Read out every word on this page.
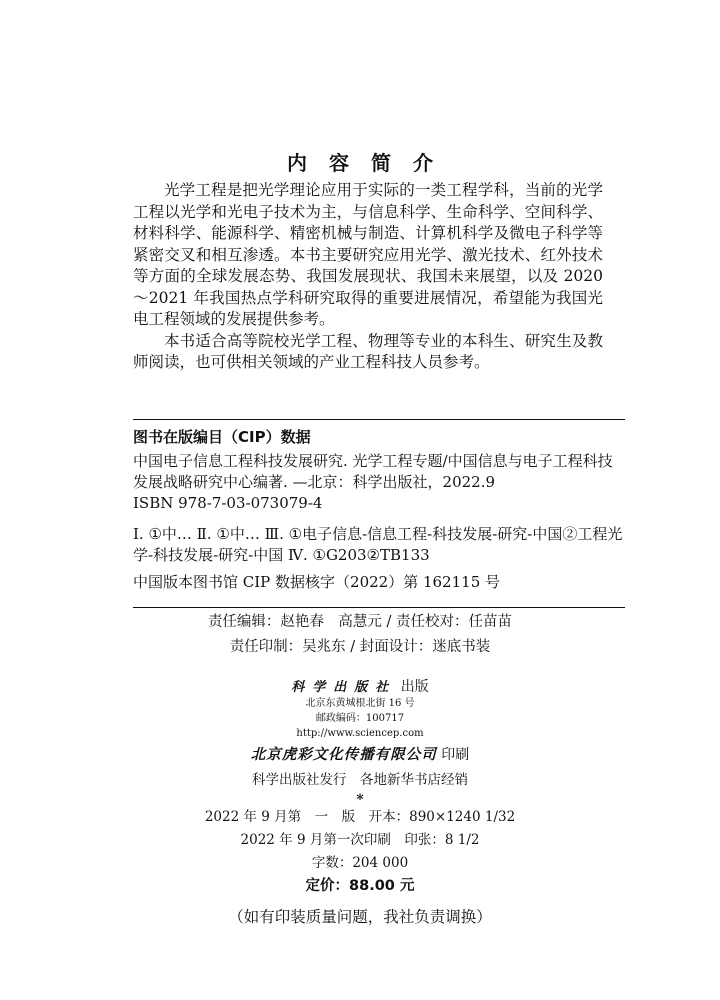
内容简介

光学工程是把光学理论应用于实际的一类工程学科，当前的光学工程以光学和光电子技术为主，与信息科学、生命科学、空间科学、材料科学、能源科学、精密机械与制造、计算机科学及微电子科学等紧密交叉和相互渗透。本书主要研究应用光学、激光技术、红外技术等方面的全球发展态势、我国发展现状、我国未来展望，以及 2020～2021 年我国热点学科研究取得的重要进展情况，希望能为我国光电工程领域的发展提供参考。

本书适合高等院校光学工程、物理等专业的本科生、研究生及教师阅读，也可供相关领域的产业工程科技人员参考。

图书在版编目（CIP）数据
中国电子信息工程科技发展研究. 光学工程专题/中国信息与电子工程科技发展战略研究中心编著. —北京：科学出版社，2022.9
ISBN 978-7-03-073079-4
Ⅰ. ①中… Ⅱ. ①中… Ⅲ. ①电子信息-信息工程-科技发展-研究-中国②工程光学-科技发展-研究-中国 Ⅳ. ①G203②TB133
中国版本图书馆 CIP 数据核字（2022）第 162115 号
责任编辑：赵艳春　高慧元 / 责任校对：任苗苗
责任印制：吴兆东 / 封面设计：迷底书装
科学出版社 出版
北京东黄城根北街 16 号
邮政编码：100717
http://www.sciencep.com
北京虎彩文化传播有限公司 印刷
科学出版社发行　各地新华书店经销
*
2022 年 9 月第　一　版　开本：890×1240 1/32
2022 年 9 月第一次印刷　印张：8 1/2
字数：204 000
定价：88.00 元
（如有印装质量问题，我社负责调换）
